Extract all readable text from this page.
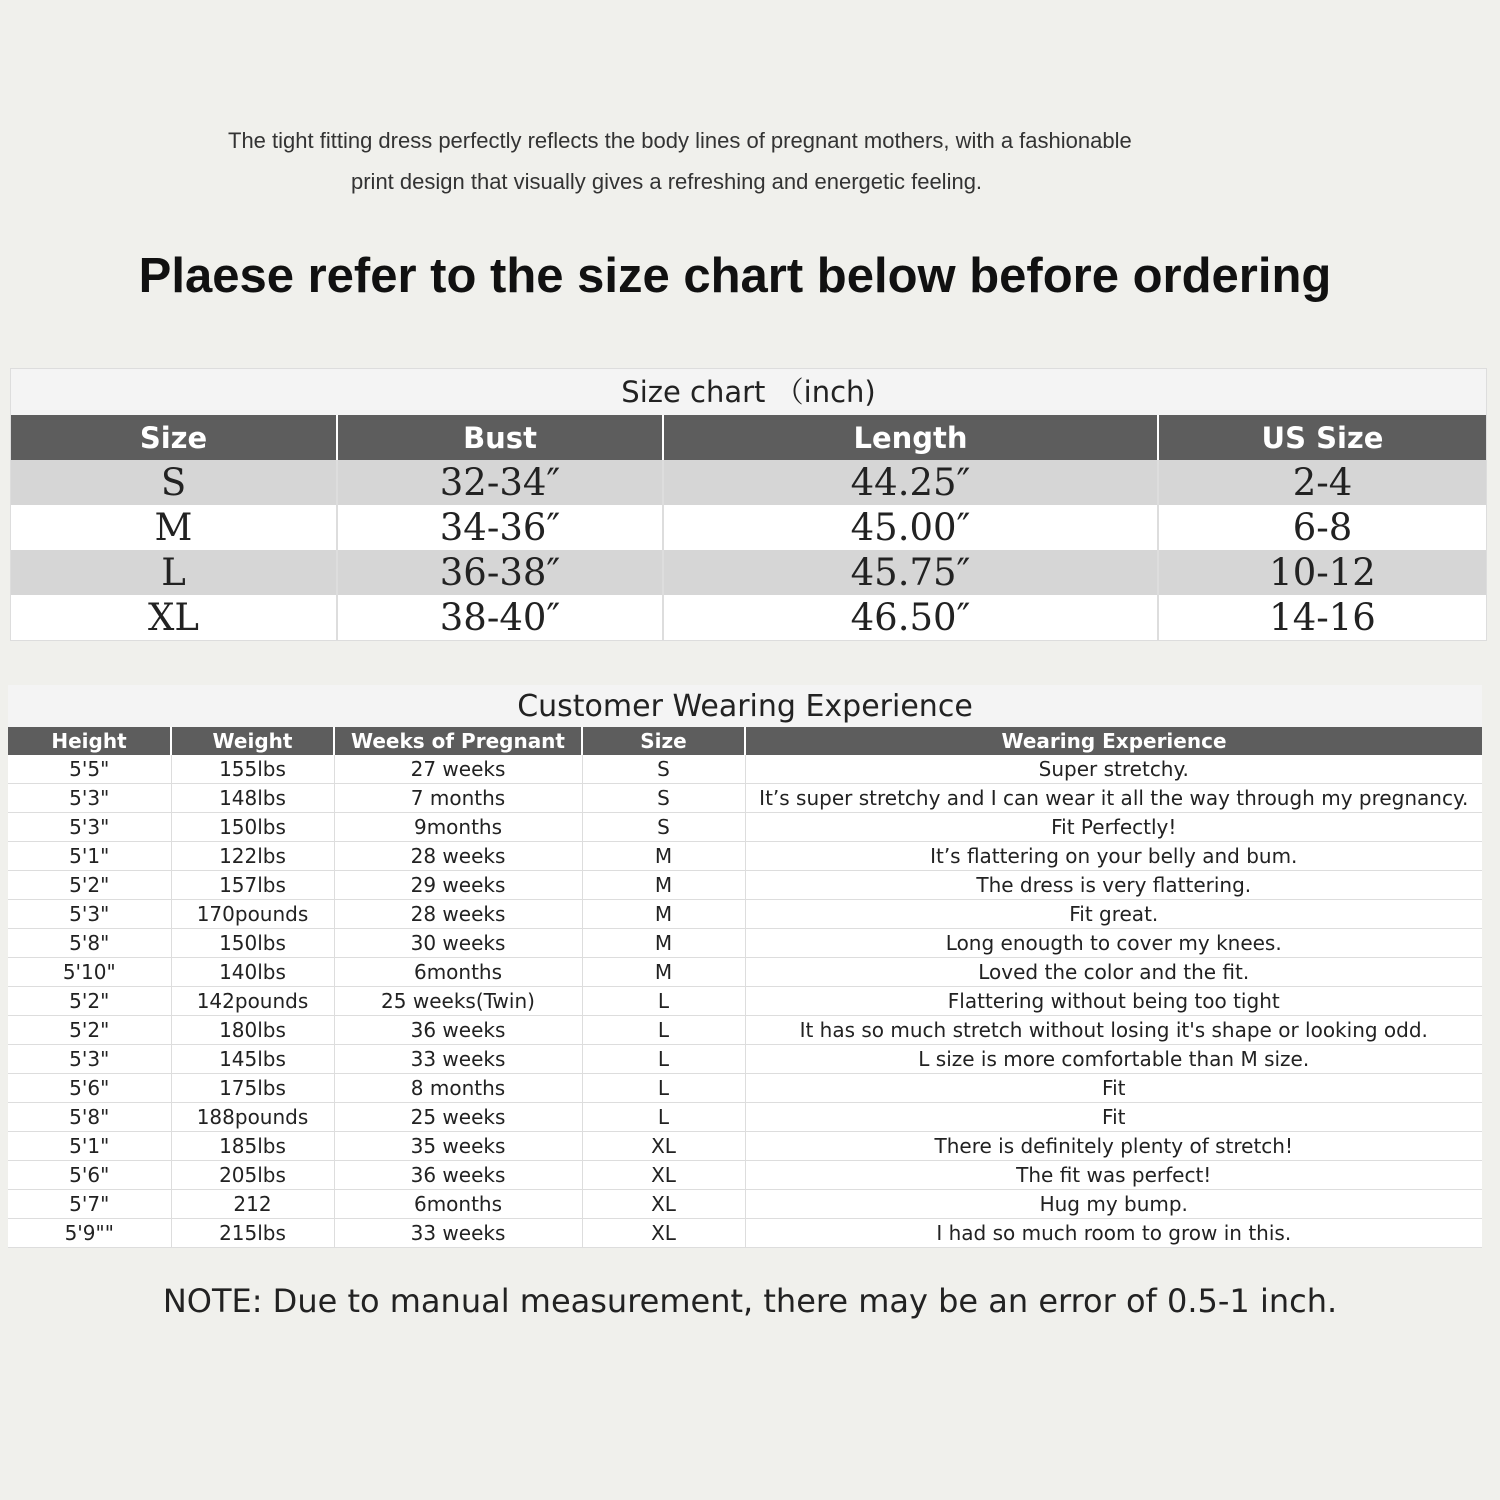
The tight fitting dress perfectly reflects the body lines of pregnant mothers, with a fashionable
print design that visually gives a refreshing and energetic feeling.
Plaese refer to the size chart below before ordering
Size chart （inch)
Size	Bust	Length	US Size
S	32-34″	44.25″	2-4
M	34-36″	45.00″	6-8
L	36-38″	45.75″	10-12
XL	38-40″	46.50″	14-16
Customer Wearing Experience
Height	Weight	Weeks of Pregnant	Size	Wearing Experience
5'5"	155lbs	27 weeks	S	Super stretchy.
5'3"	148lbs	7 months	S	It’s super stretchy and I can wear it all the way through my pregnancy.
5'3"	150lbs	9months	S	Fit Perfectly!
5'1"	122lbs	28 weeks	M	It’s flattering on your belly and bum.
5'2"	157lbs	29 weeks	M	The dress is very flattering.
5'3"	170pounds	28 weeks	M	Fit great.
5'8"	150lbs	30 weeks	M	Long enougth to cover my knees.
5'10"	140lbs	6months	M	Loved the color and the fit.
5'2"	142pounds	25 weeks(Twin)	L	Flattering without being too tight
5'2"	180lbs	36 weeks	L	It has so much stretch without losing it's shape or looking odd.
5'3"	145lbs	33 weeks	L	L size is more comfortable than M size.
5'6"	175lbs	8 months	L	Fit
5'8"	188pounds	25 weeks	L	Fit
5'1"	185lbs	35 weeks	XL	There is definitely plenty of stretch!
5'6"	205lbs	36 weeks	XL	The fit was perfect!
5'7"	212	6months	XL	Hug my bump.
5'9""	215lbs	33 weeks	XL	I had so much room to grow in this.
NOTE: Due to manual measurement, there may be an error of 0.5-1 inch.
